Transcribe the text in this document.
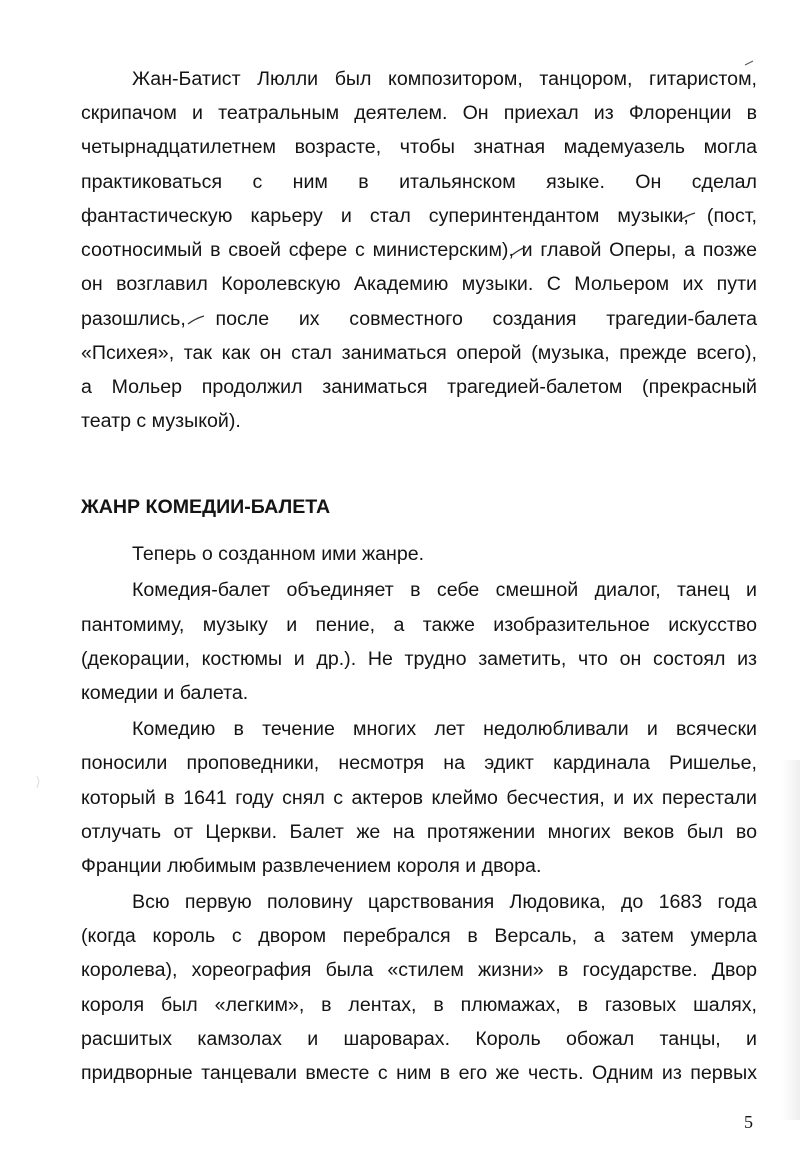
Жан-Батист Люлли был композитором, танцором, гитаристом,
скрипачом и театральным деятелем. Он приехал из Флоренции в
четырнадцатилетнем возрасте, чтобы знатная мадемуазель могла
практиковаться с ним в итальянском языке. Он сделал
фантастическую карьеру и стал суперинтендантом музыки, (пост,
соотносимый в своей сфере с министерским), и главой Оперы, а позже
он возглавил Королевскую Академию музыки. С Мольером их пути
разошлись, после их совместного создания трагедии-балета
«Психея», так как он стал заниматься оперой (музыка, прежде всего),
а Мольер продолжил заниматься трагедией-балетом (прекрасный
театр с музыкой).
ЖАНР КОМЕДИИ-БАЛЕТА
Теперь о созданном ими жанре.
Комедия-балет объединяет в себе смешной диалог, танец и
пантомиму, музыку и пение, а также изобразительное искусство
(декорации, костюмы и др.). Не трудно заметить, что он состоял из
комедии и балета.
Комедию в течение многих лет недолюбливали и всячески
поносили проповедники, несмотря на эдикт кардинала Ришелье,
который в 1641 году снял с актеров клеймо бесчестия, и их перестали
отлучать от Церкви. Балет же на протяжении многих веков был во
Франции любимым развлечением короля и двора.
Всю первую половину царствования Людовика, до 1683 года
(когда король с двором перебрался в Версаль, а затем умерла
королева), хореография была «стилем жизни» в государстве. Двор
короля был «легким», в лентах, в плюмажах, в газовых шалях,
расшитых камзолах и шароварах. Король обожал танцы, и
придворные танцевали вместе с ним в его же честь. Одним из первых
5
